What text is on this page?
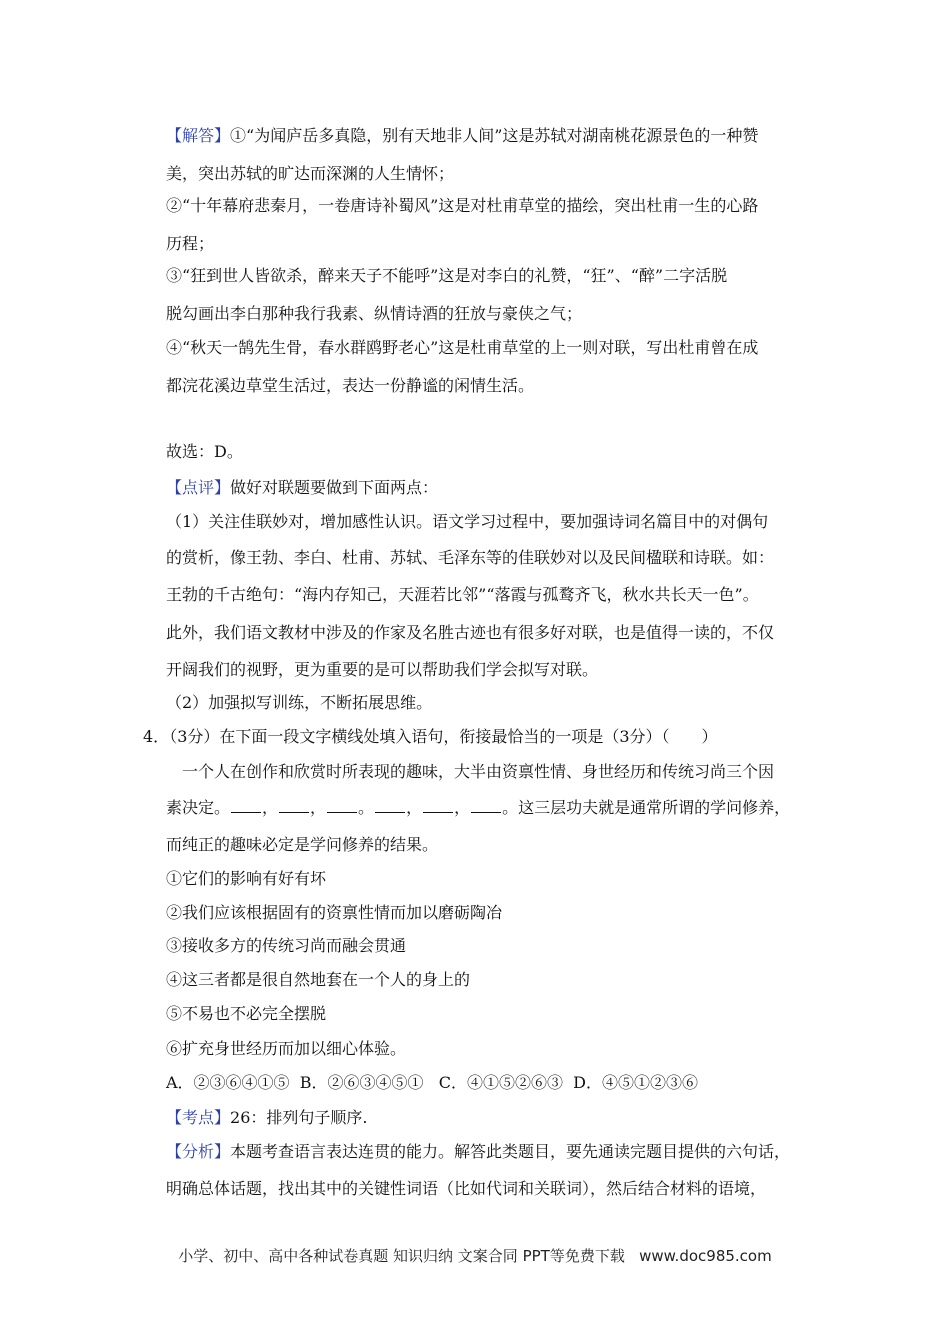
【解答】①“为闻庐岳多真隐，别有天地非人间”这是苏轼对湖南桃花源景色的一种赞
美，突出苏轼的旷达而深渊的人生情怀；
②“十年幕府悲秦月，一卷唐诗补蜀风”这是对杜甫草堂的描绘，突出杜甫一生的心路
历程；
③“狂到世人皆欲杀，醉来天子不能呼”这是对李白的礼赞，“狂”、“醉”二字活脱
脱勾画出李白那种我行我素、纵情诗酒的狂放与豪侠之气；
④“秋天一鹄先生骨，春水群鸥野老心”这是杜甫草堂的上一则对联，写出杜甫曾在成
都浣花溪边草堂生活过，表达一份静谧的闲情生活。
故选：D。
【点评】做好对联题要做到下面两点：
（1）关注佳联妙对，增加感性认识。语文学习过程中，要加强诗词名篇目中的对偶句
的赏析，像王勃、李白、杜甫、苏轼、毛泽东等的佳联妙对以及民间楹联和诗联。如：
王勃的千古绝句：“海内存知己，天涯若比邻”“落霞与孤鹜齐飞，秋水共长天一色”。
此外，我们语文教材中涉及的作家及名胜古迹也有很多好对联，也是值得一读的，不仅
开阔我们的视野，更为重要的是可以帮助我们学会拟写对联。
（2）加强拟写训练，不断拓展思维。
4．（3分）在下面一段文字横线处填入语句，衔接最恰当的一项是（3分）（　　）
一个人在创作和欣赏时所表现的趣味，大半由资禀性情、身世经历和传统习尚三个因
素决定。 ， ， 。 ， ， 。这三层功夫就是通常所谓的学问修养，
而纯正的趣味必定是学问修养的结果。
①它们的影响有好有坏
②我们应该根据固有的资禀性情而加以磨砺陶冶
③接收多方的传统习尚而融会贯通
④这三者都是很自然地套在一个人的身上的
⑤不易也不必完全摆脱
⑥扩充身世经历而加以细心体验。
A．②③⑥④①⑤  B．②⑥③④⑤①   C．④①⑤②⑥③  D．④⑤①②③⑥
【考点】26：排列句子顺序.
【分析】本题考查语言表达连贯的能力。解答此类题目，要先通读完题目提供的六句话，
明确总体话题，找出其中的关键性词语（比如代词和关联词），然后结合材料的语境，
小学、初中、高中各种试卷真题 知识归纳 文案合同 PPT等免费下载   www.doc985.com
